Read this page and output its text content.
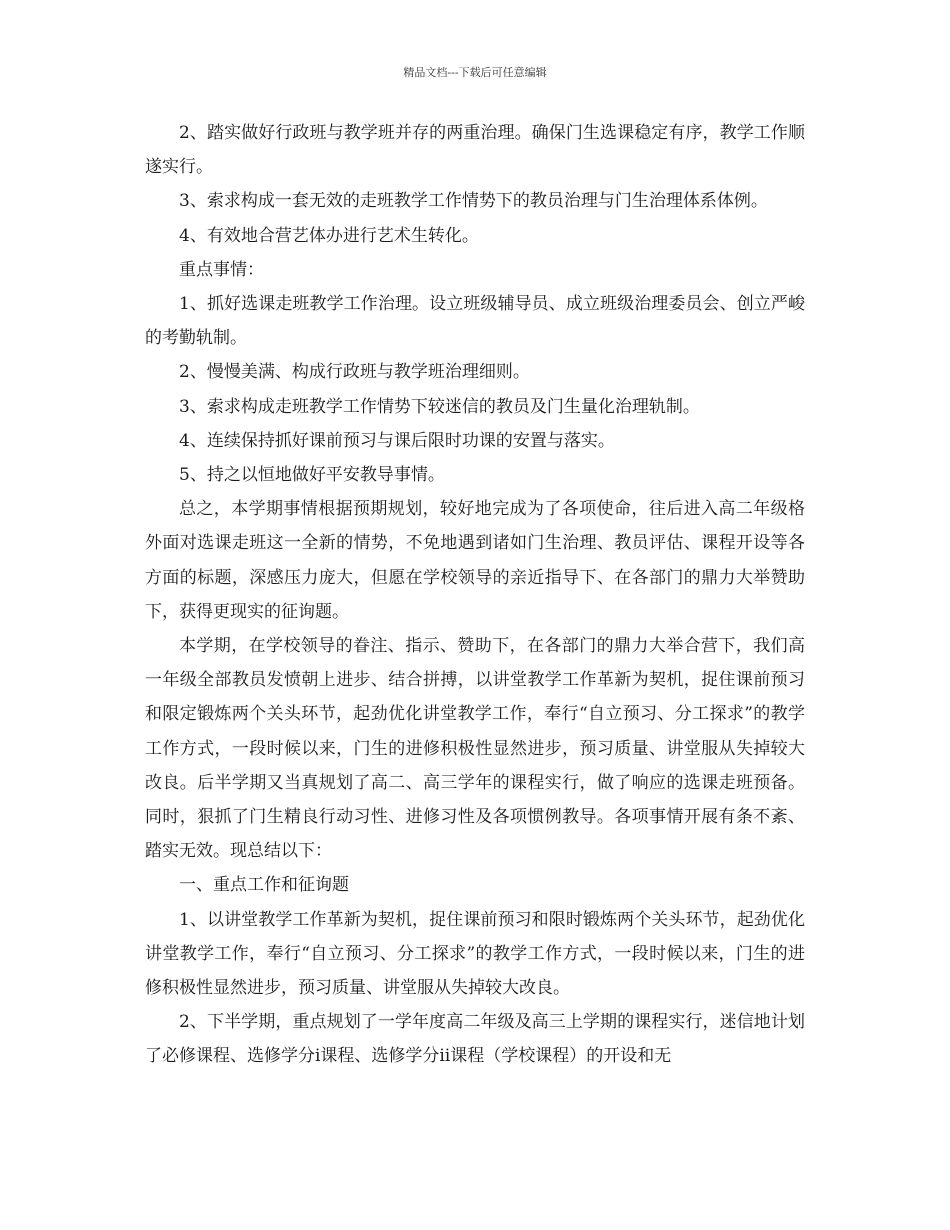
精品文档---下载后可任意编辑

2、踏实做好行政班与教学班并存的两重治理。确保门生选课稳定有序，教学工作顺遂实行。

3、索求构成一套无效的走班教学工作情势下的教员治理与门生治理体系体例。

4、有效地合营艺体办进行艺术生转化。

重点事情：

1、抓好选课走班教学工作治理。设立班级辅导员、成立班级治理委员会、创立严峻的考勤轨制。

2、慢慢美满、构成行政班与教学班治理细则。

3、索求构成走班教学工作情势下较迷信的教员及门生量化治理轨制。

4、连续保持抓好课前预习与课后限时功课的安置与落实。

5、持之以恒地做好平安教导事情。

总之，本学期事情根据预期规划，较好地完成为了各项使命，往后进入高二年级格外面对选课走班这一全新的情势，不免地遇到诸如门生治理、教员评估、课程开设等各方面的标题，深感压力庞大，但愿在学校领导的亲近指导下、在各部门的鼎力大举赞助下，获得更现实的征询题。

本学期，在学校领导的眷注、指示、赞助下，在各部门的鼎力大举合营下，我们高一年级全部教员发愤朝上进步、结合拼搏，以讲堂教学工作革新为契机，捉住课前预习和限定锻炼两个关头环节，起劲优化讲堂教学工作，奉行“自立预习、分工探求”的教学工作方式，一段时候以来，门生的进修积极性显然进步，预习质量、讲堂服从失掉较大改良。后半学期又当真规划了高二、高三学年的课程实行，做了响应的选课走班预备。同时，狠抓了门生精良行动习性、进修习性及各项惯例教导。各项事情开展有条不紊、踏实无效。现总结以下：

一、重点工作和征询题

1、以讲堂教学工作革新为契机，捉住课前预习和限时锻炼两个关头环节，起劲优化讲堂教学工作，奉行“自立预习、分工探求”的教学工作方式，一段时候以来，门生的进修积极性显然进步，预习质量、讲堂服从失掉较大改良。

2、下半学期，重点规划了一学年度高二年级及高三上学期的课程实行，迷信地计划了必修课程、选修学分ⅰ课程、选修学分ⅱ课程（学校课程）的开设和无
